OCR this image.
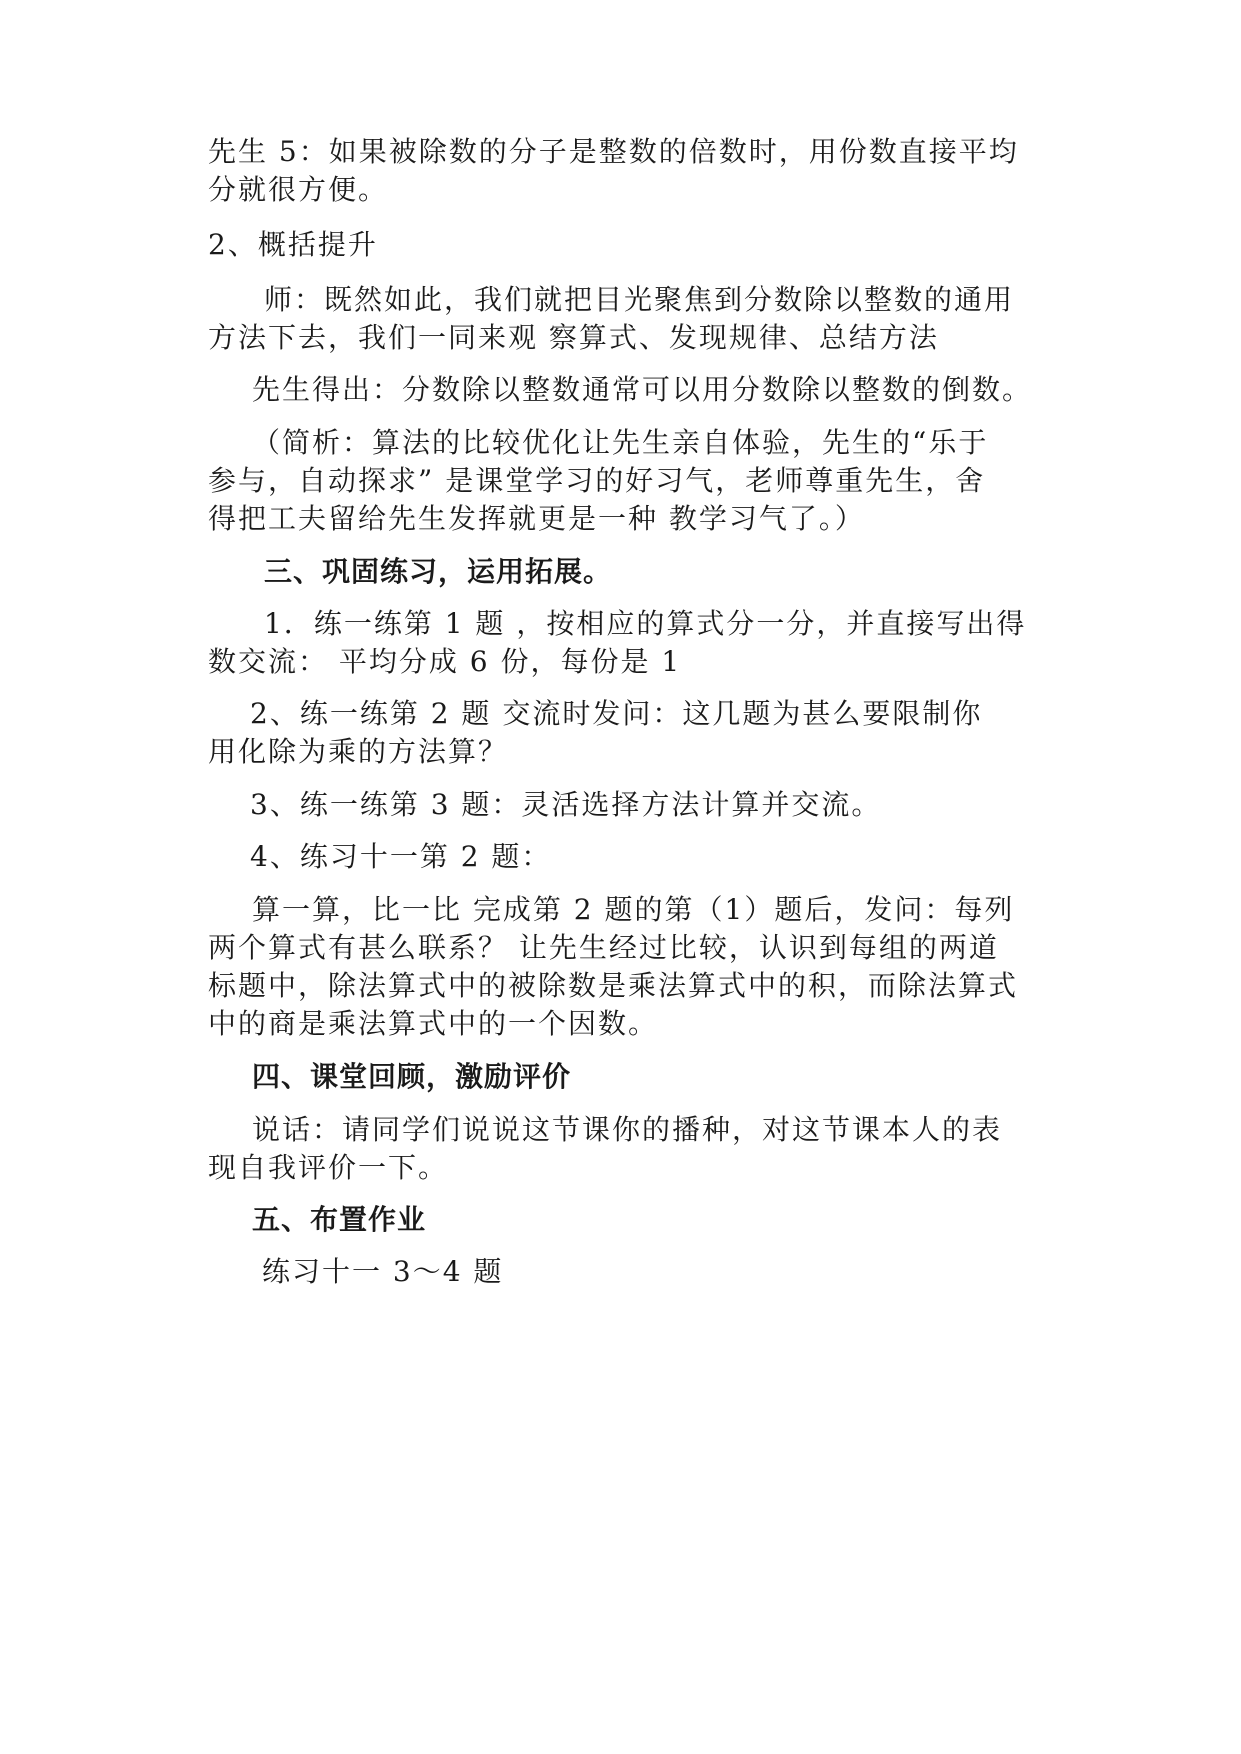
先生 5：如果被除数的分子是整数的倍数时，用份数直接平均
分就很方便。
2、概括提升
师：既然如此，我们就把目光聚焦到分数除以整数的通用
方法下去，我们一同来观 察算式、发现规律、总结方法
先生得出：分数除以整数通常可以用分数除以整数的倒数。
（简析：算法的比较优化让先生亲自体验，先生的“乐于
参与，自动探求” 是课堂学习的好习气，老师尊重先生，舍
得把工夫留给先生发挥就更是一种 教学习气了。）
三、巩固练习，运用拓展。
1．练一练第 1 题 ，按相应的算式分一分，并直接写出得
数交流： 平均分成 6 份，每份是 1
2、练一练第 2 题 交流时发问：这几题为甚么要限制你
用化除为乘的方法算？
3、练一练第 3 题：灵活选择方法计算并交流。
4、练习十一第 2 题：
算一算，比一比 完成第 2 题的第（1）题后，发问：每列
两个算式有甚么联系？ 让先生经过比较，认识到每组的两道
标题中，除法算式中的被除数是乘法算式中的积，而除法算式
中的商是乘法算式中的一个因数。
四、课堂回顾，激励评价
说话：请同学们说说这节课你的播种，对这节课本人的表
现自我评价一下。
五、布置作业
练习十一 3～4 题
